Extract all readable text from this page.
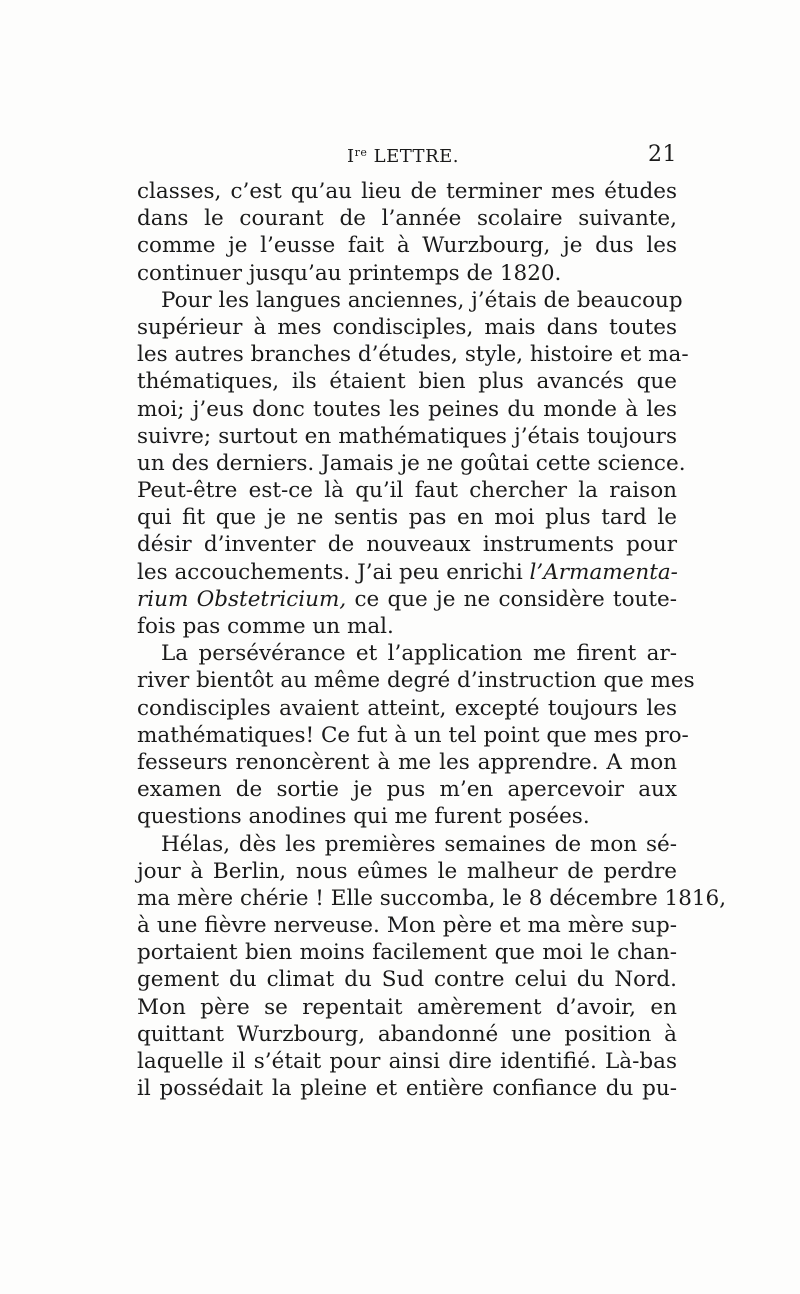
Ire LETTRE.	21
classes, c’est qu’au lieu de terminer mes études
dans le courant de l’année scolaire suivante,
comme je l’eusse fait à Wurzbourg, je dus les
continuer jusqu’au printemps de 1820.
Pour les langues anciennes, j’étais de beaucoup
supérieur à mes condisciples, mais dans toutes
les autres branches d’études, style, histoire et ma-
thématiques, ils étaient bien plus avancés que
moi; j’eus donc toutes les peines du monde à les
suivre; surtout en mathématiques j’étais toujours
un des derniers. Jamais je ne goûtai cette science.
Peut-être est-ce là qu’il faut chercher la raison
qui fit que je ne sentis pas en moi plus tard le
désir d’inventer de nouveaux instruments pour
les accouchements. J’ai peu enrichi l’Armamenta-
rium Obstetricium, ce que je ne considère toute-
fois pas comme un mal.
La persévérance et l’application me firent ar-
river bientôt au même degré d’instruction que mes
condisciples avaient atteint, excepté toujours les
mathématiques! Ce fut à un tel point que mes pro-
fesseurs renoncèrent à me les apprendre. A mon
examen de sortie je pus m’en apercevoir aux
questions anodines qui me furent posées.
Hélas, dès les premières semaines de mon sé-
jour à Berlin, nous eûmes le malheur de perdre
ma mère chérie ! Elle succomba, le 8 décembre 1816,
à une fièvre nerveuse. Mon père et ma mère sup-
portaient bien moins facilement que moi le chan-
gement du climat du Sud contre celui du Nord.
Mon père se repentait amèrement d’avoir, en
quittant Wurzbourg, abandonné une position à
laquelle il s’était pour ainsi dire identifié. Là-bas
il possédait la pleine et entière confiance du pu-
